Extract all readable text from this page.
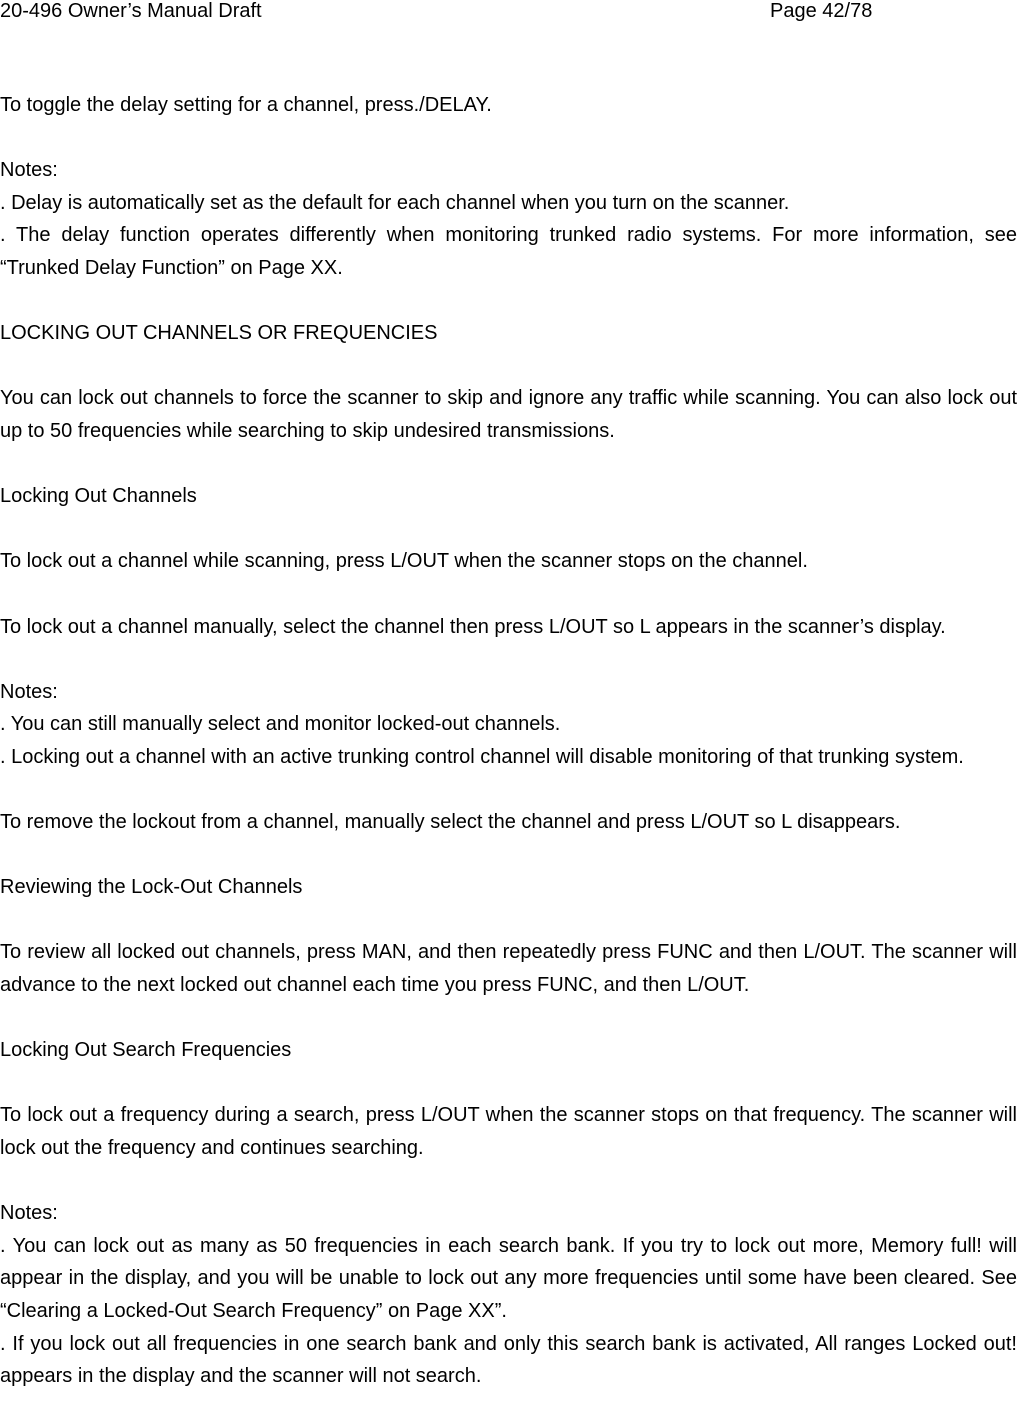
20-496 Owner’s Manual Draft	Page 42/78

To toggle the delay setting for a channel, press./DELAY.

Notes:

. Delay is automatically set as the default for each channel when you turn on the scanner.

. The delay function operates differently when monitoring trunked radio systems. For more information, see “Trunked Delay Function” on Page XX.

LOCKING OUT CHANNELS OR FREQUENCIES

You can lock out channels to force the scanner to skip and ignore any traffic while scanning. You can also lock out up to 50 frequencies while searching to skip undesired transmissions.

Locking Out Channels

To lock out a channel while scanning, press L/OUT when the scanner stops on the channel.

To lock out a channel manually, select the channel then press L/OUT so L appears in the scanner’s display.

Notes:

. You can still manually select and monitor locked-out channels.

. Locking out a channel with an active trunking control channel will disable monitoring of that trunking system.

To remove the lockout from a channel, manually select the channel and press L/OUT so L disappears.

Reviewing the Lock-Out Channels

To review all locked out channels, press MAN, and then repeatedly press FUNC and then L/OUT. The scanner will advance to the next locked out channel each time you press FUNC, and then L/OUT.

Locking Out Search Frequencies

To lock out a frequency during a search, press L/OUT when the scanner stops on that frequency. The scanner will lock out the frequency and continues searching.

Notes:

. You can lock out as many as 50 frequencies in each search bank. If you try to lock out more, Memory full! will appear in the display, and you will be unable to lock out any more frequencies until some have been cleared. See “Clearing a Locked-Out Search Frequency” on Page XX”.

. If you lock out all frequencies in one search bank and only this search bank is activated, All ranges Locked out! appears in the display and the scanner will not search.
